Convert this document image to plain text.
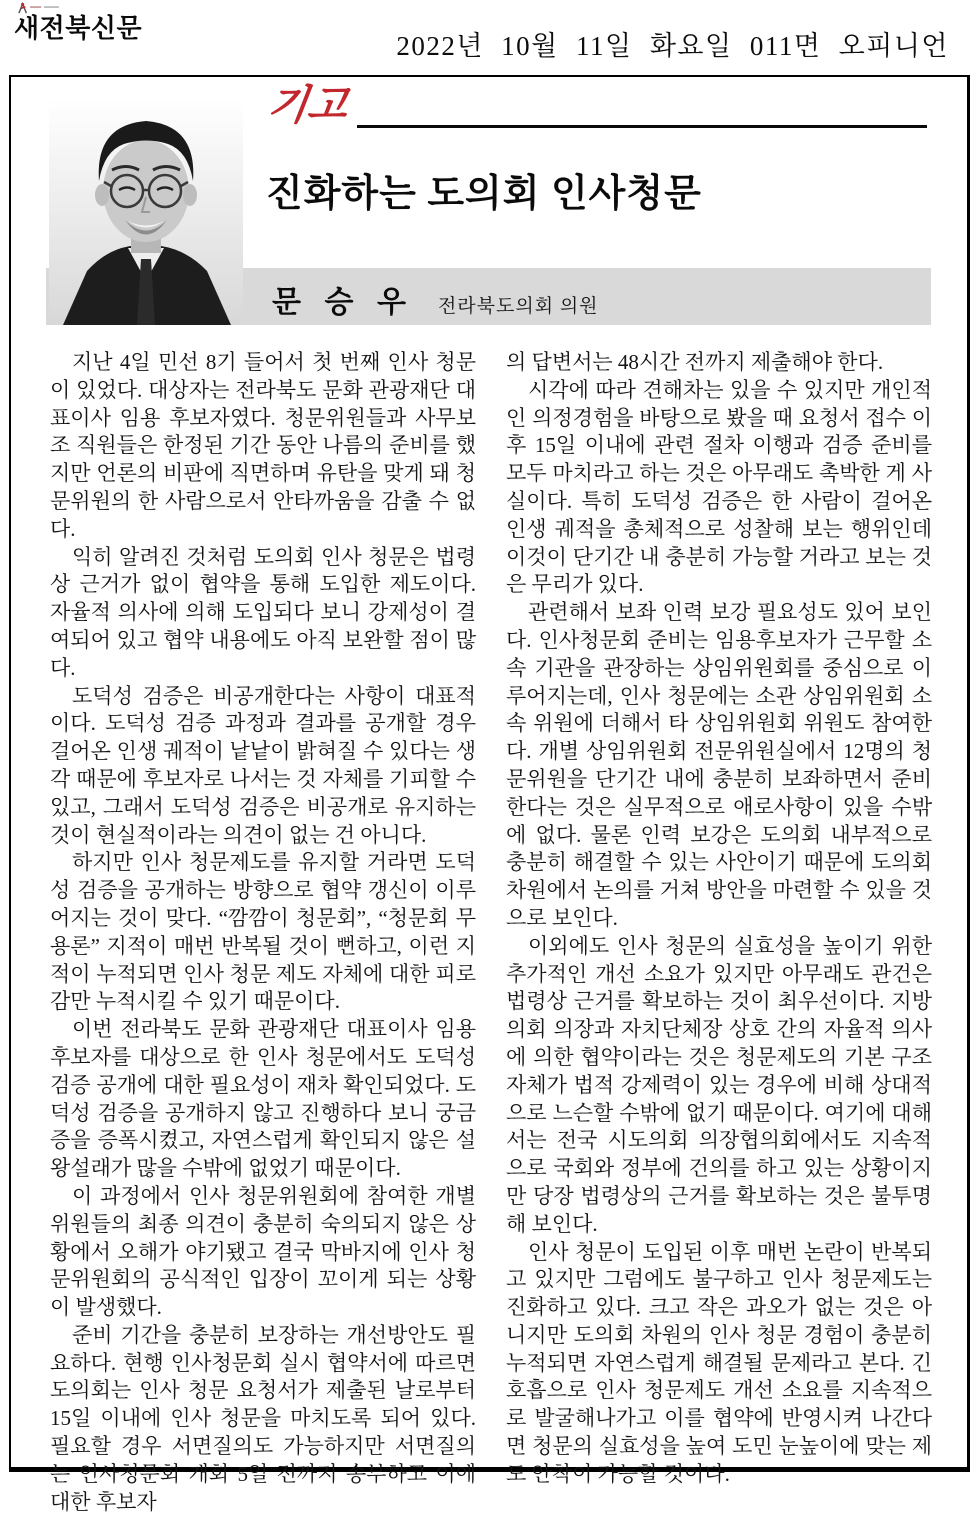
새전북신문
2022년 10월 11일 화요일 011면 오피니언
기고
진화하는 도의회 인사청문
문 승 우 전라북도의회 의원

지난 4일 민선 8기 들어서 첫 번째 인사 청문이 있었다. 대상자는 전라북도 문화 관광재단 대표이사 임용 후보자였다. 청문위원들과 사무보조 직원들은 한정된 기간 동안 나름의 준비를 했지만 언론의 비판에 직면하며 유탄을 맞게 돼 청문위원의 한 사람으로서 안타까움을 감출 수 없다.

익히 알려진 것처럼 도의회 인사 청문은 법령상 근거가 없이 협약을 통해 도입한 제도이다. 자율적 의사에 의해 도입되다 보니 강제성이 결여되어 있고 협약 내용에도 아직 보완할 점이 많다.

도덕성 검증은 비공개한다는 사항이 대표적이다. 도덕성 검증 과정과 결과를 공개할 경우 걸어온 인생 궤적이 낱낱이 밝혀질 수 있다는 생각 때문에 후보자로 나서는 것 자체를 기피할 수 있고, 그래서 도덕성 검증은 비공개로 유지하는 것이 현실적이라는 의견이 없는 건 아니다.

하지만 인사 청문제도를 유지할 거라면 도덕성 검증을 공개하는 방향으로 협약 갱신이 이루어지는 것이 맞다. “깜깜이 청문회”, “청문회 무용론” 지적이 매번 반복될 것이 뻔하고, 이런 지적이 누적되면 인사 청문 제도 자체에 대한 피로감만 누적시킬 수 있기 때문이다.

이번 전라북도 문화 관광재단 대표이사 임용 후보자를 대상으로 한 인사 청문에서도 도덕성 검증 공개에 대한 필요성이 재차 확인되었다. 도덕성 검증을 공개하지 않고 진행하다 보니 궁금증을 증폭시켰고, 자연스럽게 확인되지 않은 설왕설래가 많을 수밖에 없었기 때문이다.

이 과정에서 인사 청문위원회에 참여한 개별 위원들의 최종 의견이 충분히 숙의되지 않은 상황에서 오해가 야기됐고 결국 막바지에 인사 청문위원회의 공식적인 입장이 꼬이게 되는 상황이 발생했다.

준비 기간을 충분히 보장하는 개선방안도 필요하다. 현행 인사청문회 실시 협약서에 따르면 도의회는 인사 청문 요청서가 제출된 날로부터 15일 이내에 인사 청문을 마치도록 되어 있다. 필요할 경우 서면질의도 가능하지만 서면질의는 인사청문회 개회 5일 전까지 송부하고 이에 대한 후보자

의 답변서는 48시간 전까지 제출해야 한다.

시각에 따라 견해차는 있을 수 있지만 개인적인 의정경험을 바탕으로 봤을 때 요청서 접수 이후 15일 이내에 관련 절차 이행과 검증 준비를 모두 마치라고 하는 것은 아무래도 촉박한 게 사실이다. 특히 도덕성 검증은 한 사람이 걸어온 인생 궤적을 총체적으로 성찰해 보는 행위인데 이것이 단기간 내 충분히 가능할 거라고 보는 것은 무리가 있다.

관련해서 보좌 인력 보강 필요성도 있어 보인다. 인사청문회 준비는 임용후보자가 근무할 소속 기관을 관장하는 상임위원회를 중심으로 이루어지는데, 인사 청문에는 소관 상임위원회 소속 위원에 더해서 타 상임위원회 위원도 참여한다. 개별 상임위원회 전문위원실에서 12명의 청문위원을 단기간 내에 충분히 보좌하면서 준비한다는 것은 실무적으로 애로사항이 있을 수밖에 없다. 물론 인력 보강은 도의회 내부적으로 충분히 해결할 수 있는 사안이기 때문에 도의회 차원에서 논의를 거쳐 방안을 마련할 수 있을 것으로 보인다.

이외에도 인사 청문의 실효성을 높이기 위한 추가적인 개선 소요가 있지만 아무래도 관건은 법령상 근거를 확보하는 것이 최우선이다. 지방의회 의장과 자치단체장 상호 간의 자율적 의사에 의한 협약이라는 것은 청문제도의 기본 구조 자체가 법적 강제력이 있는 경우에 비해 상대적으로 느슨할 수밖에 없기 때문이다. 여기에 대해서는 전국 시도의회 의장협의회에서도 지속적으로 국회와 정부에 건의를 하고 있는 상황이지만 당장 법령상의 근거를 확보하는 것은 불투명해 보인다.

인사 청문이 도입된 이후 매번 논란이 반복되고 있지만 그럼에도 불구하고 인사 청문제도는 진화하고 있다. 크고 작은 과오가 없는 것은 아니지만 도의회 차원의 인사 청문 경험이 충분히 누적되면 자연스럽게 해결될 문제라고 본다. 긴 호흡으로 인사 청문제도 개선 소요를 지속적으로 발굴해나가고 이를 협약에 반영시켜 나간다면 청문의 실효성을 높여 도민 눈높이에 맞는 제도 안착이 가능할 것이다.
